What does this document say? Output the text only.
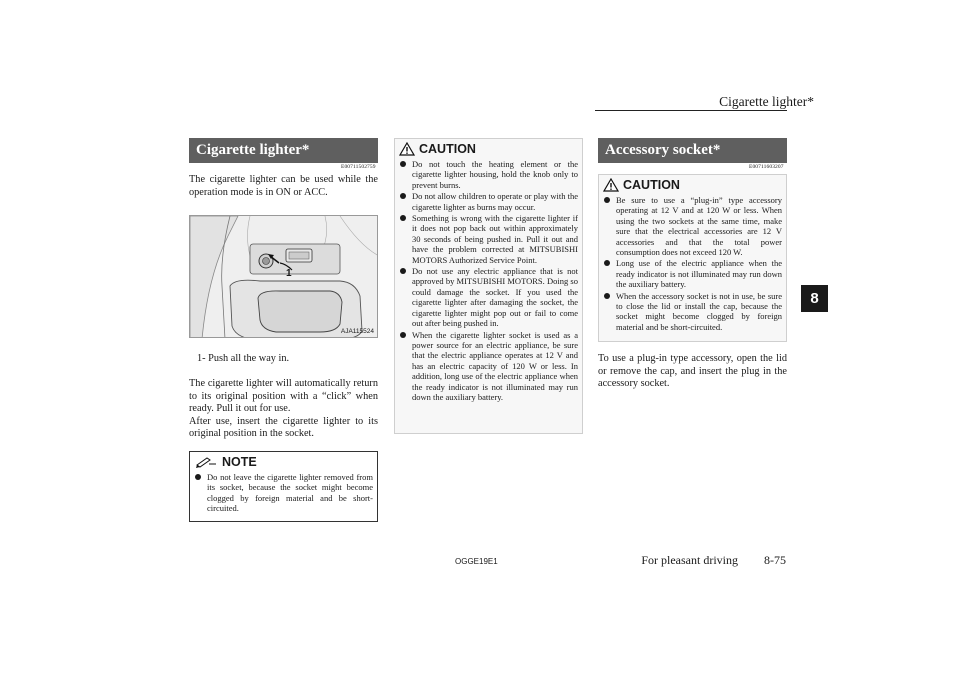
Cigarette lighter*
8
Cigarette lighter*
E00711502759

The cigarette lighter can be used while the operation mode is in ON or ACC.

1
AJA115524

1- Push all the way in.

The cigarette lighter will automatically return to its original position with a “click” when ready. Pull it out for use.

After use, insert the cigarette lighter to its original position in the socket.

NOTE

Do not leave the cigarette lighter removed from its socket, because the socket might become clogged by foreign material and be short-circuited.

CAUTION

Do not touch the heating element or the cigarette lighter housing, hold the knob only to prevent burns.

Do not allow children to operate or play with the cigarette lighter as burns may occur.

Something is wrong with the cigarette lighter if it does not pop back out within approximately 30 seconds of being pushed in. Pull it out and have the problem corrected at MITSUBISHI MOTORS Authorized Service Point.

Do not use any electric appliance that is not approved by MITSUBISHI MOTORS. Doing so could damage the socket. If you used the cigarette lighter after damaging the socket, the cigarette lighter might pop out or fail to come out after being pushed in.

When the cigarette lighter socket is used as a power source for an electric appliance, be sure that the electric appliance operates at 12 V and has an electric capacity of 120 W or less. In addition, long use of the electric appliance when the ready indicator is not illuminated may run down the auxiliary battery.

Accessory socket*
E00711603207
CAUTION

Be sure to use a “plug-in” type accessory operating at 12 V and at 120 W or less. When using the two sockets at the same time, make sure that the electrical accessories are 12 V accessories and that the total power consumption does not exceed 120 W.

Long use of the electric appliance when the ready indicator is not illuminated may run down the auxiliary battery.

When the accessory socket is not in use, be sure to close the lid or install the cap, because the socket might become clogged by foreign material and be short-circuited.

To use a plug-in type accessory, open the lid or remove the cap, and insert the plug in the accessory socket.

OGGE19E1	For pleasant driving 8-75
